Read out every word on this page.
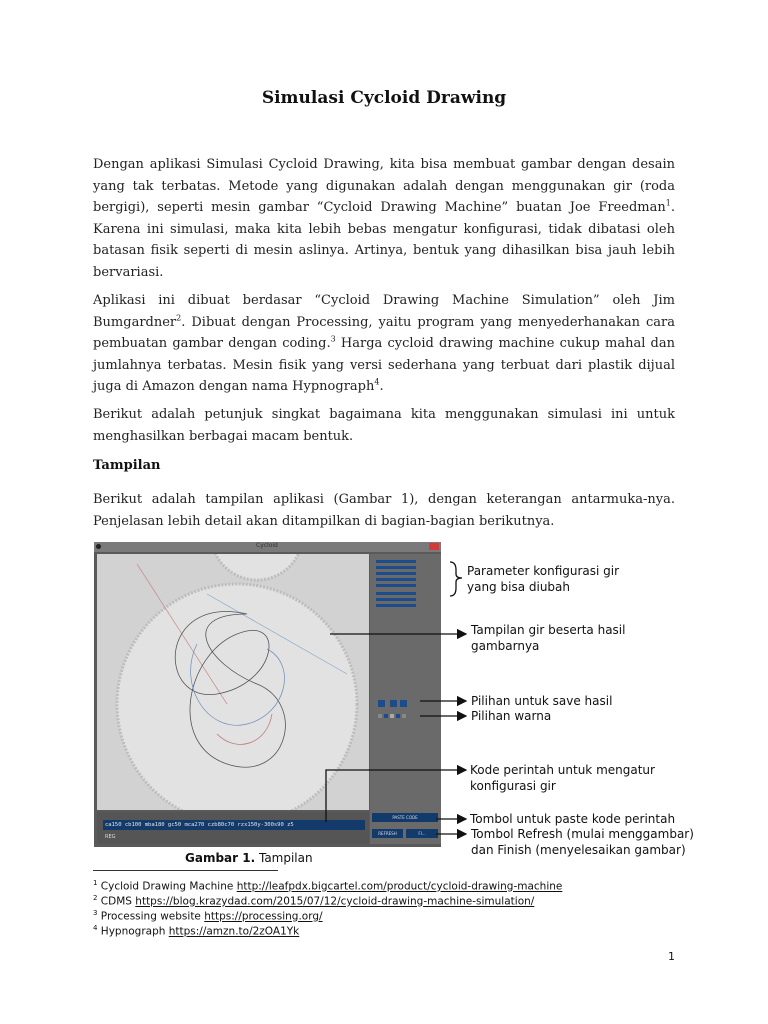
Simulasi Cycloid Drawing

Dengan aplikasi Simulasi Cycloid Drawing, kita bisa membuat gambar dengan desain yang tak terbatas. Metode yang digunakan adalah dengan menggunakan gir (roda bergigi), seperti mesin gambar “Cycloid Drawing Machine” buatan Joe Freedman$^1$. Karena ini simulasi, maka kita lebih bebas mengatur konfigurasi, tidak dibatasi oleh batasan fisik seperti di mesin aslinya. Artinya, bentuk yang dihasilkan bisa jauh lebih bervariasi.

Aplikasi ini dibuat berdasar “Cycloid Drawing Machine Simulation” oleh Jim Bumgardner$^2$. Dibuat dengan Processing, yaitu program yang menyederhanakan cara pembuatan gambar dengan coding.$^3$ Harga cycloid drawing machine cukup mahal dan jumlahnya terbatas. Mesin fisik yang versi sederhana yang terbuat dari plastik dijual juga di Amazon dengan nama Hypnograph$^4$.

Berikut adalah petunjuk singkat bagaimana kita menggunakan simulasi ini untuk menghasilkan berbagai macam bentuk.

Tampilan

Berikut adalah tampilan aplikasi (Gambar 1), dengan keterangan antarmuka-nya. Penjelasan lebih detail akan ditampilkan di bagian-bagian berikutnya.

Cycloid
PASTE CODE
REFRESH	FI...
ca150 cb100 mba180 gc50 mca270 czb80c70 rzx150y-300s90 z5
REG
Parameter konfigurasi gir
yang bisa diubah
Tampilan gir beserta hasil
gambarnya
Pilihan untuk save hasil
Pilihan warna
Kode perintah untuk mengatur
konfigurasi gir
Tombol untuk paste kode perintah
Tombol Refresh (mulai menggambar)
dan Finish (menyelesaikan gambar)
Gambar 1. Tampilan
$^1$ Cycloid Drawing Machine http://leafpdx.bigcartel.com/product/cycloid-drawing-machine
$^2$ CDMS https://blog.krazydad.com/2015/07/12/cycloid-drawing-machine-simulation/
$^3$ Processing website https://processing.org/
$^4$ Hypnograph https://amzn.to/2zOA1Yk
1
